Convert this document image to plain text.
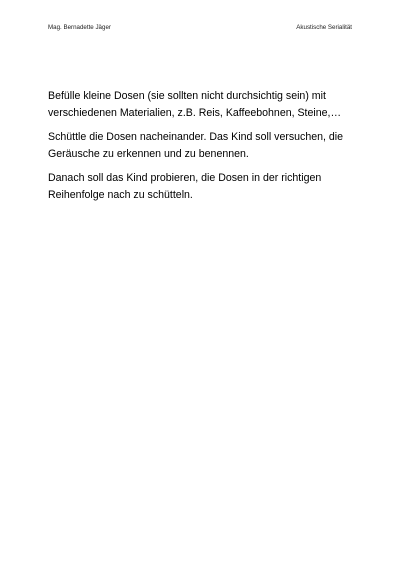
Mag. Bernadette Jäger	Akustische Serialität

Befülle kleine Dosen (sie sollten nicht durchsichtig sein) mit
verschiedenen Materialien, z.B. Reis, Kaffeebohnen, Steine,…

Schüttle die Dosen nacheinander. Das Kind soll versuchen, die
Geräusche zu erkennen und zu benennen.

Danach soll das Kind probieren, die Dosen in der richtigen
Reihenfolge nach zu schütteln.
